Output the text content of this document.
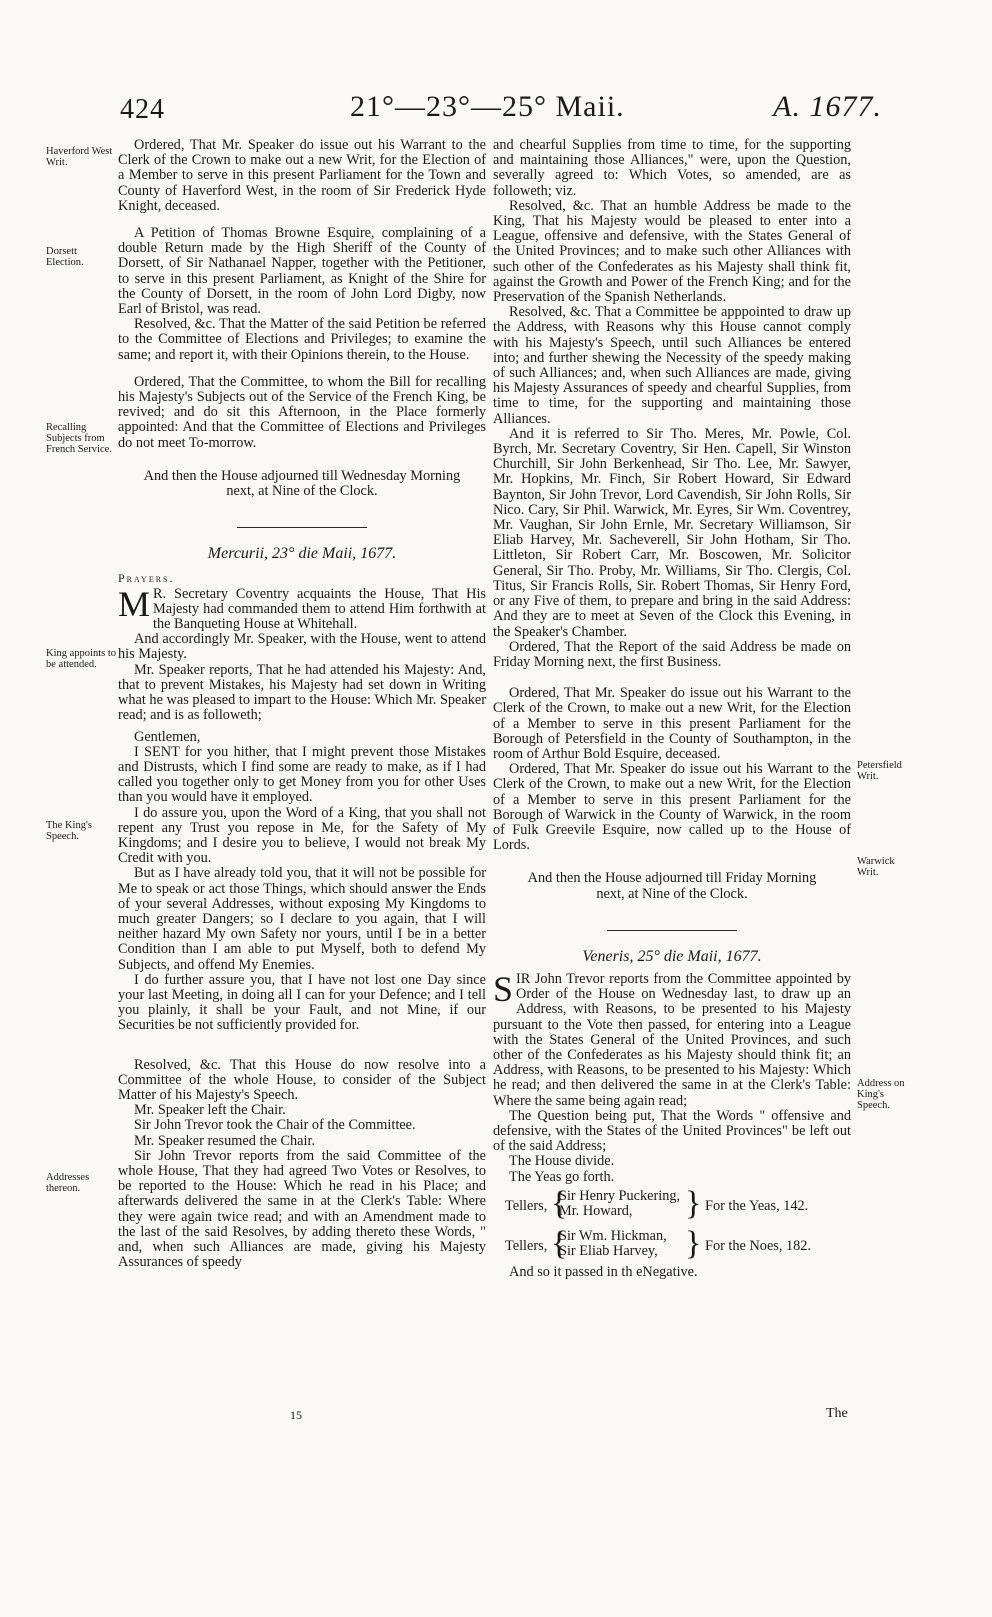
424	21°—23°—25° Maii.	A. 1677.
Haverford West Writ.
Dorsett Election.
Recalling Subjects from French Service.
King appoints to be attended.
The King's Speech.
Addresses thereon.
Petersfield Writ.
Warwick Writ.
Address on King's Speech.

Ordered, That Mr. Speaker do issue out his Warrant to the Clerk of the Crown to make out a new Writ, for the Election of a Member to serve in this present Parliament for the Town and County of Haverford West, in the room of Sir Frederick Hyde Knight, deceased.

A Petition of Thomas Browne Esquire, complaining of a double Return made by the High Sheriff of the County of Dorsett, of Sir Nathanael Napper, together with the Petitioner, to serve in this present Parliament, as Knight of the Shire for the County of Dorsett, in the room of John Lord Digby, now Earl of Bristol, was read.

Resolved, &c. That the Matter of the said Petition be referred to the Committee of Elections and Privileges; to examine the same; and report it, with their Opinions therein, to the House.

Ordered, That the Committee, to whom the Bill for recalling his Majesty's Subjects out of the Service of the French King, be revived; and do sit this Afternoon, in the Place formerly appointed: And that the Committee of Elections and Privileges do not meet To-morrow.

And then the House adjourned till Wednesday Morning next, at Nine of the Clock.

Mercurii, 23° die Maii, 1677.

Prayers.

M R. Secretary Coventry acquaints the House, That His Majesty had commanded them to attend Him forthwith at the Banqueting House at Whitehall.

And accordingly Mr. Speaker, with the House, went to attend his Majesty.

Mr. Speaker reports, That he had attended his Majesty: And, that to prevent Mistakes, his Majesty had set down in Writing what he was pleased to impart to the House: Which Mr. Speaker read; and is as followeth;

Gentlemen,

I SENT for you hither, that I might prevent those Mistakes and Distrusts, which I find some are ready to make, as if I had called you together only to get Money from you for other Uses than you would have it employed.

I do assure you, upon the Word of a King, that you shall not repent any Trust you repose in Me, for the Safety of My Kingdoms; and I desire you to believe, I would not break My Credit with you.

But as I have already told you, that it will not be possible for Me to speak or act those Things, which should answer the Ends of your several Addresses, without exposing My Kingdoms to much greater Dangers; so I declare to you again, that I will neither hazard My own Safety nor yours, until I be in a better Condition than I am able to put Myself, both to defend My Subjects, and offend My Enemies.

I do further assure you, that I have not lost one Day since your last Meeting, in doing all I can for your Defence; and I tell you plainly, it shall be your Fault, and not Mine, if our Securities be not sufficiently provided for.

Resolved, &c. That this House do now resolve into a Committee of the whole House, to consider of the Subject Matter of his Majesty's Speech.

Mr. Speaker left the Chair.

Sir John Trevor took the Chair of the Committee.

Mr. Speaker resumed the Chair.

Sir John Trevor reports from the said Committee of the whole House, That they had agreed Two Votes or Resolves, to be reported to the House: Which he read in his Place; and afterwards delivered the same in at the Clerk's Table: Where they were again twice read; and with an Amendment made to the last of the said Resolves, by adding thereto these Words, " and, when such Alliances are made, giving his Majesty Assurances of speedy

and chearful Supplies from time to time, for the supporting and maintaining those Alliances," were, upon the Question, severally agreed to: Which Votes, so amended, are as followeth; viz.

Resolved, &c. That an humble Address be made to the King, That his Majesty would be pleased to enter into a League, offensive and defensive, with the States General of the United Provinces; and to make such other Alliances with such other of the Confederates as his Majesty shall think fit, against the Growth and Power of the French King; and for the Preservation of the Spanish Netherlands.

Resolved, &c. That a Committee be apppointed to draw up the Address, with Reasons why this House cannot comply with his Majesty's Speech, until such Alliances be entered into; and further shewing the Necessity of the speedy making of such Alliances; and, when such Alliances are made, giving his Majesty Assurances of speedy and chearful Supplies, from time to time, for the supporting and maintaining those Alliances.

And it is referred to Sir Tho. Meres, Mr. Powle, Col. Byrch, Mr. Secretary Coventry, Sir Hen. Capell, Sir Winston Churchill, Sir John Berkenhead, Sir Tho. Lee, Mr. Sawyer, Mr. Hopkins, Mr. Finch, Sir Robert Howard, Sir Edward Baynton, Sir John Trevor, Lord Cavendish, Sir John Rolls, Sir Nico. Cary, Sir Phil. Warwick, Mr. Eyres, Sir Wm. Coventrey, Mr. Vaughan, Sir John Ernle, Mr. Secretary Williamson, Sir Eliab Harvey, Mr. Sacheverell, Sir John Hotham, Sir Tho. Littleton, Sir Robert Carr, Mr. Boscowen, Mr. Solicitor General, Sir Tho. Proby, Mr. Williams, Sir Tho. Clergis, Col. Titus, Sir Francis Rolls, Sir. Robert Thomas, Sir Henry Ford, or any Five of them, to prepare and bring in the said Address: And they are to meet at Seven of the Clock this Evening, in the Speaker's Chamber.

Ordered, That the Report of the said Address be made on Friday Morning next, the first Business.

Ordered, That Mr. Speaker do issue out his Warrant to the Clerk of the Crown, to make out a new Writ, for the Election of a Member to serve in this present Parliament for the Borough of Petersfield in the County of Southampton, in the room of Arthur Bold Esquire, deceased.

Ordered, That Mr. Speaker do issue out his Warrant to the Clerk of the Crown, to make out a new Writ, for the Election of a Member to serve in this present Parliament for the Borough of Warwick in the County of Warwick, in the room of Fulk Greevile Esquire, now called up to the House of Lords.

And then the House adjourned till Friday Morning next, at Nine of the Clock.

Veneris, 25° die Maii, 1677.

SIR John Trevor reports from the Committee appointed by Order of the House on Wednesday last, to draw up an Address, with Reasons, to be presented to his Majesty pursuant to the Vote then passed, for entering into a League with the States General of the United Provinces, and such other of the Confederates as his Majesty should think fit; an Address, with Reasons, to be presented to his Majesty: Which he read; and then delivered the same in at the Clerk's Table: Where the same being again read;

The Question being put, That the Words " offensive and defensive, with the States of the United Provinces" be left out of the said Address;

The House divide.

The Yeas go forth.

Tellers, {
Sir Henry Puckering,
Mr. Howard,	} For the Yeas, 142.
Tellers, {
Sir Wm. Hickman,
Sir Eliab Harvey, } For the Noes, 182.

And so it passed in th eNegative.

15	The
